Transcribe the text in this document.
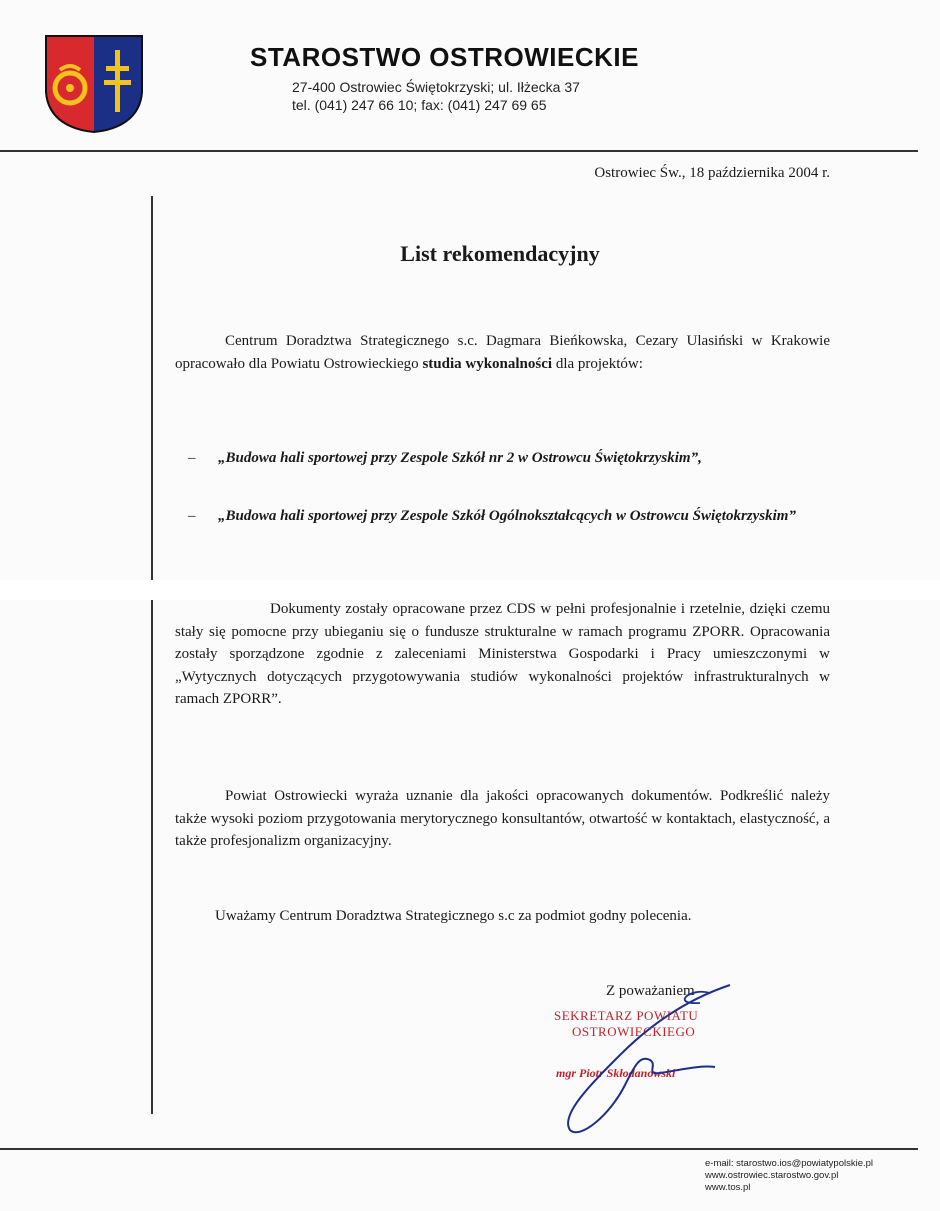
STAROSTWO OSTROWIECKIE
27-400 Ostrowiec Świętokrzyski; ul. Iłżecka 37
tel. (041) 247 66 10; fax: (041) 247 69 65
Ostrowiec Św., 18 października 2004 r.
List rekomendacyjny

Centrum Doradztwa Strategicznego s.c. Dagmara Bieńkowska, Cezary Ulasiński w Krakowie opracowało dla Powiatu Ostrowieckiego studia wykonalności dla projektów:

– „Budowa hali sportowej przy Zespole Szkół nr 2 w Ostrowcu Świętokrzyskim”,
– „Budowa hali sportowej przy Zespole Szkół Ogólnokształcących w Ostrowcu Świętokrzyskim”

Dokumenty zostały opracowane przez CDS w pełni profesjonalnie i rzetelnie, dzięki czemu stały się pomocne przy ubieganiu się o fundusze strukturalne w ramach programu ZPORR. Opracowania zostały sporządzone zgodnie z zaleceniami Ministerstwa Gospodarki i Pracy umieszczonymi w „Wytycznych dotyczących przygotowywania studiów wykonalności projektów infrastrukturalnych w ramach ZPORR”.

Powiat Ostrowiecki wyraża uznanie dla jakości opracowanych dokumentów. Podkreślić należy także wysoki poziom przygotowania merytorycznego konsultantów, otwartość w kontaktach, elastyczność, a także profesjonalizm organizacyjny.

Uważamy Centrum Doradztwa Strategicznego s.c za podmiot godny polecenia.

Z poważaniem
SEKRETARZ POWIATU
OSTROWIECKIEGO
mgr Piotr Skłodanowski
e-mail: starostwo.ios@powiatypolskie.pl
www.ostrowiec.starostwo.gov.pl
www.tos.pl
